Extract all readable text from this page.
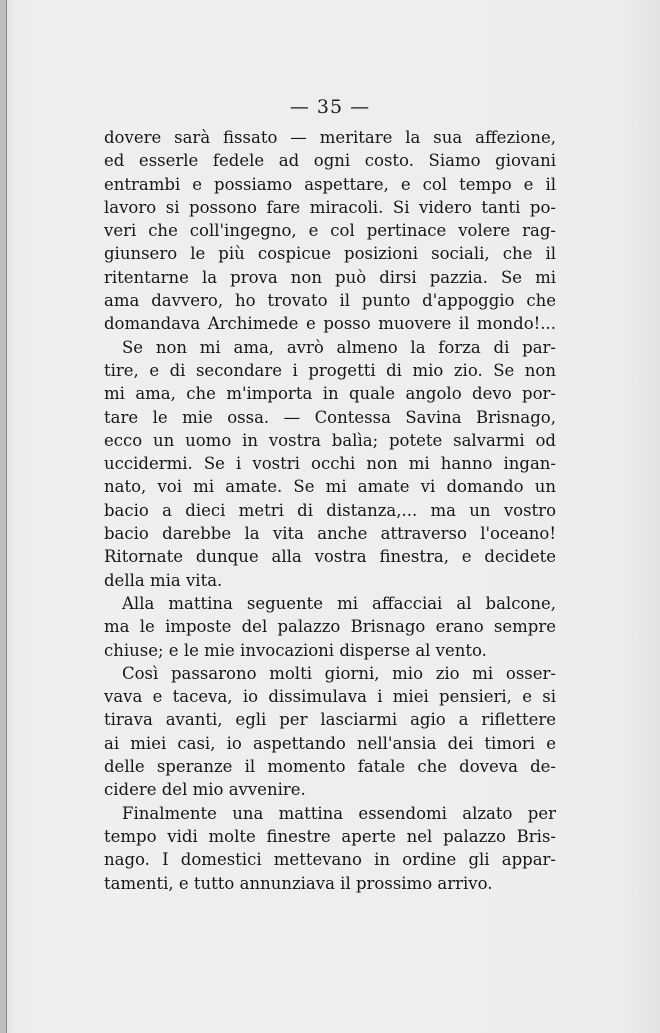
— 35 —
dovere sarà fissato — meritare la sua affezione,
ed esserle fedele ad ogni costo. Siamo giovani
entrambi e possiamo aspettare, e col tempo e il
lavoro si possono fare miracoli. Si videro tanti po-
veri che coll'ingegno, e col pertinace volere rag-
giunsero le più cospicue posizioni sociali, che il
ritentarne la prova non può dirsi pazzia. Se mi
ama davvero, ho trovato il punto d'appoggio che
domandava Archimede e posso muovere il mondo!...
Se non mi ama, avrò almeno la forza di par-
tire, e di secondare i progetti di mio zio. Se non
mi ama, che m'importa in quale angolo devo por-
tare le mie ossa. — Contessa Savina Brisnago,
ecco un uomo in vostra balìa; potete salvarmi od
uccidermi. Se i vostri occhi non mi hanno ingan-
nato, voi mi amate. Se mi amate vi domando un
bacio a dieci metri di distanza,... ma un vostro
bacio darebbe la vita anche attraverso l'oceano!
Ritornate dunque alla vostra finestra, e decidete
della mia vita.
Alla mattina seguente mi affacciai al balcone,
ma le imposte del palazzo Brisnago erano sempre
chiuse; e le mie invocazioni disperse al vento.
Così passarono molti giorni, mio zio mi osser-
vava e taceva, io dissimulava i miei pensieri, e si
tirava avanti, egli per lasciarmi agio a riflettere
ai miei casi, io aspettando nell'ansia dei timori e
delle speranze il momento fatale che doveva de-
cidere del mio avvenire.
Finalmente una mattina essendomi alzato per
tempo vidi molte finestre aperte nel palazzo Bris-
nago. I domestici mettevano in ordine gli appar-
tamenti, e tutto annunziava il prossimo arrivo.
